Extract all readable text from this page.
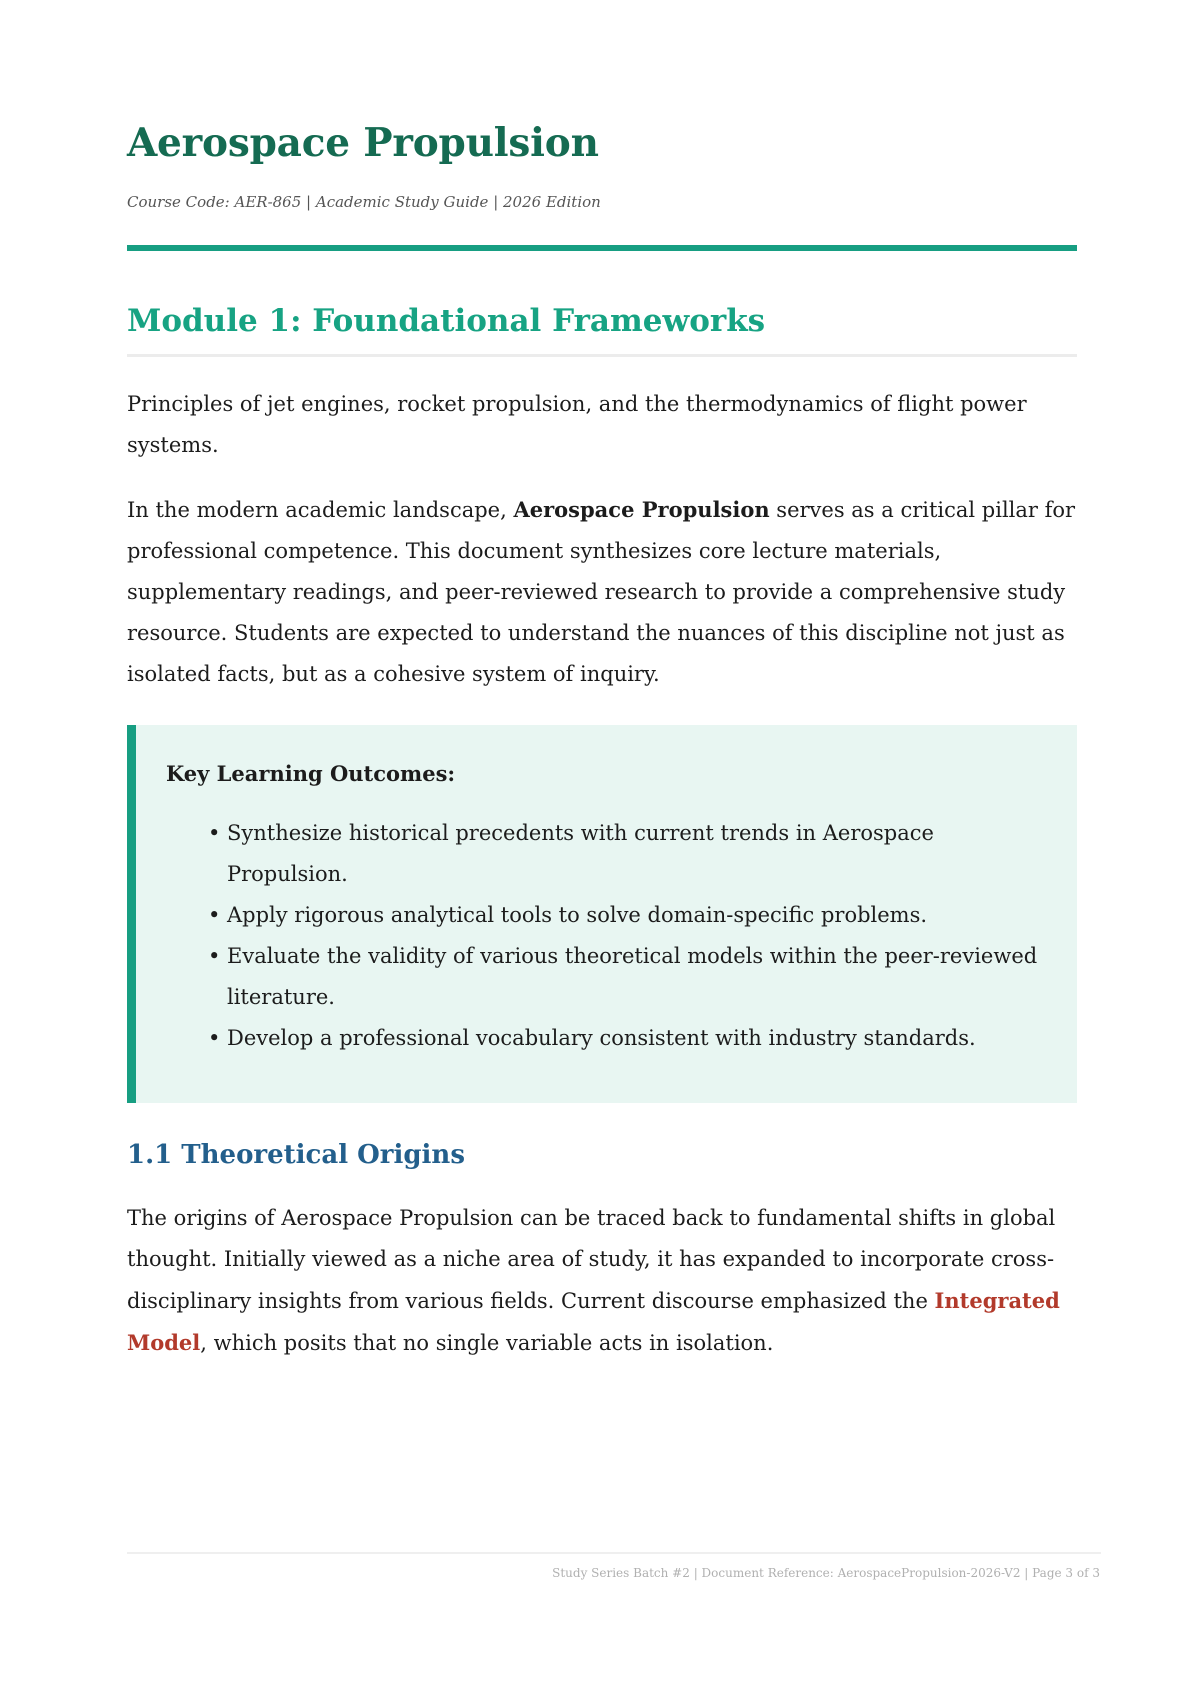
Aerospace Propulsion
Course Code: AER-865 | Academic Study Guide | 2026 Edition
Module 1: Foundational Frameworks

Principles of jet engines, rocket propulsion, and the thermodynamics of flight power systems.

In the modern academic landscape, Aerospace Propulsion serves as a critical pillar for professional competence. This document synthesizes core lecture materials, supplementary readings, and peer-reviewed research to provide a comprehensive study resource. Students are expected to understand the nuances of this discipline not just as isolated facts, but as a cohesive system of inquiry.

Key Learning Outcomes:
• Synthesize historical precedents with current trends in Aerospace Propulsion.
• Apply rigorous analytical tools to solve domain-specific problems.
• Evaluate the validity of various theoretical models within the peer-reviewed literature.
• Develop a professional vocabulary consistent with industry standards.
1.1 Theoretical Origins

The origins of Aerospace Propulsion can be traced back to fundamental shifts in global thought. Initially viewed as a niche area of study, it has expanded to incorporate cross-disciplinary insights from various fields. Current discourse emphasized the Integrated Model, which posits that no single variable acts in isolation.

Study Series Batch #2 | Document Reference: AerospacePropulsion-2026-V2 | Page 3 of 3
